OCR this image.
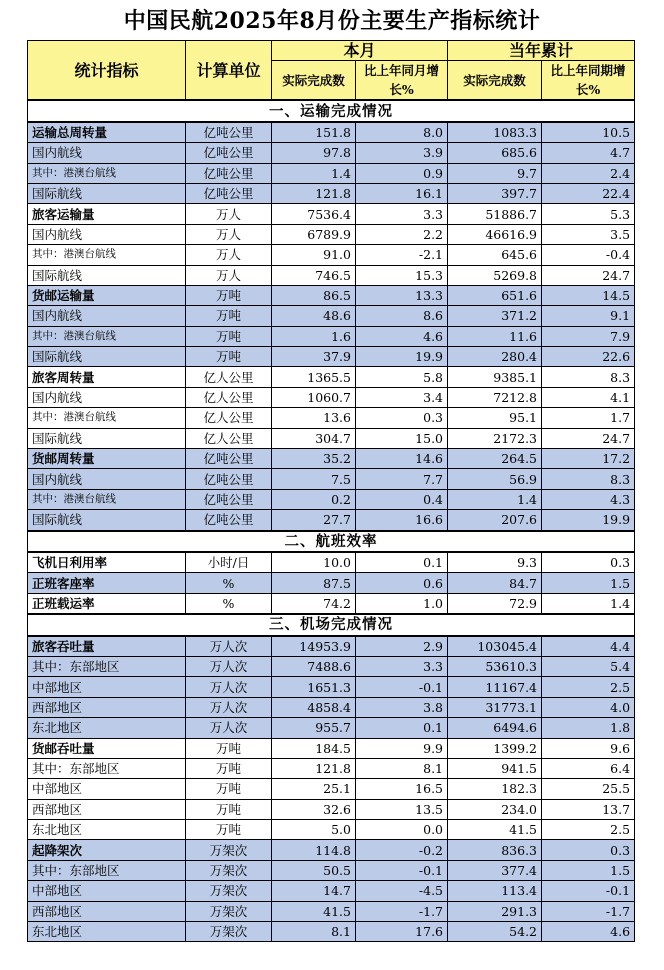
中国民航2025年8月份主要生产指标统计
统计指标	计算单位	本月		当年累计	
		实际完成数	比上年同月增长%	实际完成数	比上年同期增长%
一、运输完成情况					
运输总周转量	亿吨公里	151.8	8.0	1083.3	10.5
国内航线	亿吨公里	97.8	3.9	685.6	4.7
其中：港澳台航线	亿吨公里	1.4	0.9	9.7	2.4
国际航线	亿吨公里	121.8	16.1	397.7	22.4
旅客运输量	万人	7536.4	3.3	51886.7	5.3
国内航线	万人	6789.9	2.2	46616.9	3.5
其中：港澳台航线	万人	91.0	-2.1	645.6	-0.4
国际航线	万人	746.5	15.3	5269.8	24.7
货邮运输量	万吨	86.5	13.3	651.6	14.5
国内航线	万吨	48.6	8.6	371.2	9.1
其中：港澳台航线	万吨	1.6	4.6	11.6	7.9
国际航线	万吨	37.9	19.9	280.4	22.6
旅客周转量	亿人公里	1365.5	5.8	9385.1	8.3
国内航线	亿人公里	1060.7	3.4	7212.8	4.1
其中：港澳台航线	亿人公里	13.6	0.3	95.1	1.7
国际航线	亿人公里	304.7	15.0	2172.3	24.7
货邮周转量	亿吨公里	35.2	14.6	264.5	17.2
国内航线	亿吨公里	7.5	7.7	56.9	8.3
其中：港澳台航线	亿吨公里	0.2	0.4	1.4	4.3
国际航线	亿吨公里	27.7	16.6	207.6	19.9
二、航班效率					
飞机日利用率	小时/日	10.0	0.1	9.3	0.3
正班客座率	%	87.5	0.6	84.7	1.5
正班载运率	%	74.2	1.0	72.9	1.4
三、机场完成情况					
旅客吞吐量	万人次	14953.9	2.9	103045.4	4.4
其中：东部地区	万人次	7488.6	3.3	53610.3	5.4
中部地区	万人次	1651.3	-0.1	11167.4	2.5
西部地区	万人次	4858.4	3.8	31773.1	4.0
东北地区	万人次	955.7	0.1	6494.6	1.8
货邮吞吐量	万吨	184.5	9.9	1399.2	9.6
其中：东部地区	万吨	121.8	8.1	941.5	6.4
中部地区	万吨	25.1	16.5	182.3	25.5
西部地区	万吨	32.6	13.5	234.0	13.7
东北地区	万吨	5.0	0.0	41.5	2.5
起降架次	万架次	114.8	-0.2	836.3	0.3
其中：东部地区	万架次	50.5	-0.1	377.4	1.5
中部地区	万架次	14.7	-4.5	113.4	-0.1
西部地区	万架次	41.5	-1.7	291.3	-1.7
东北地区	万架次	8.1	17.6	54.2	4.6
